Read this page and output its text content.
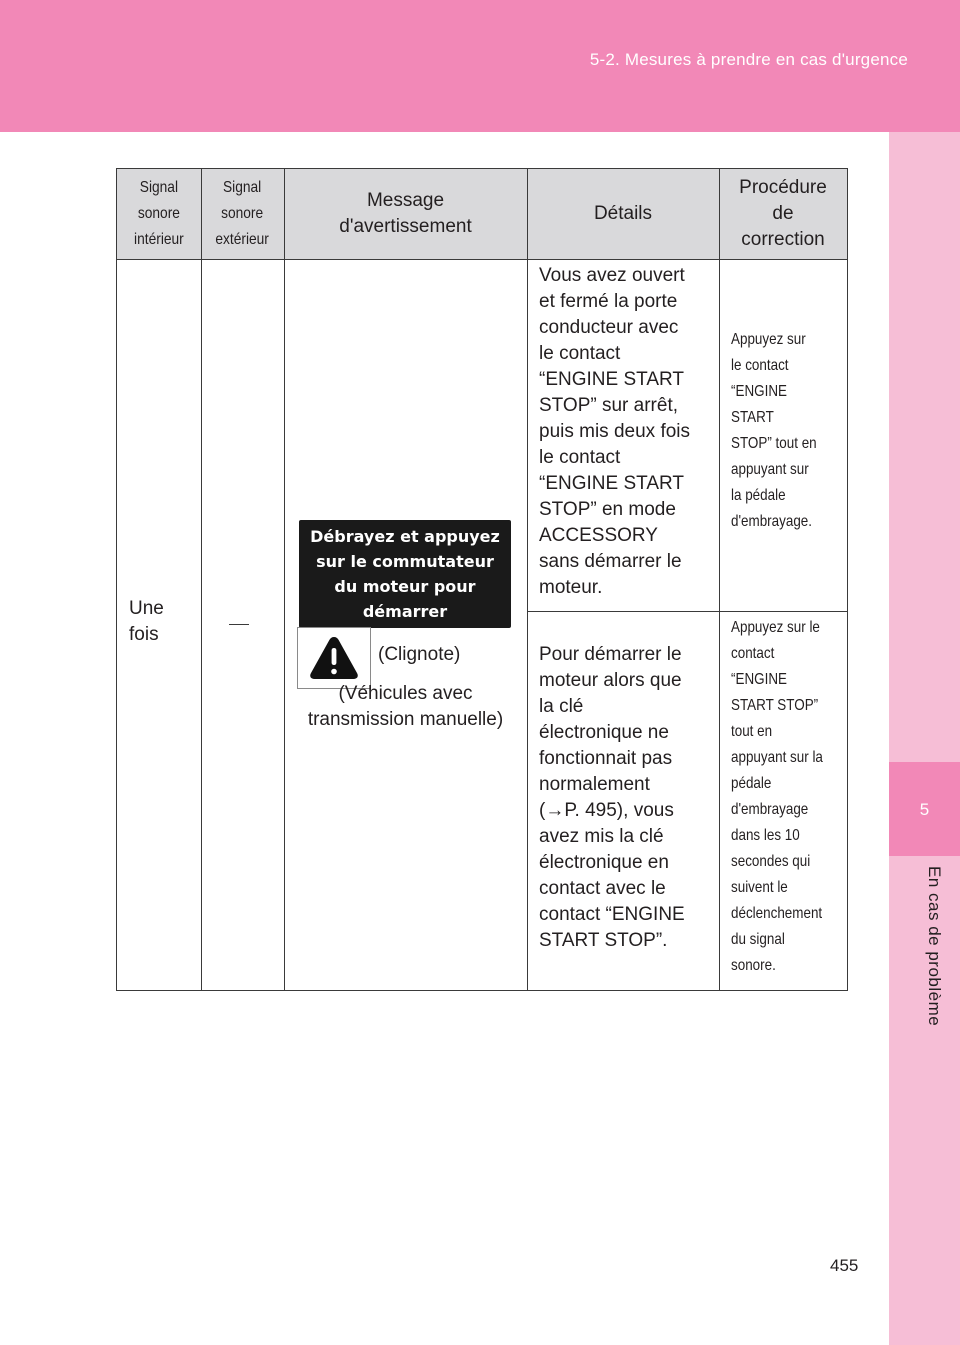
5-2. Mesures à prendre en cas d'urgence
5
En cas de problème
Signal
sonore
intérieur
Signal
sonore
extérieur
Message
d'avertissement
Détails
Procédure
de
correction
Une
fois
Débrayez et appuyez
sur le commutateur
du moteur pour
démarrer
(Clignote)
(Véhicules avec
transmission manuelle)
Vous avez ouvert
et fermé la porte
conducteur avec
le contact
“ENGINE START
STOP” sur arrêt,
puis mis deux fois
le contact
“ENGINE START
STOP” en mode
ACCESSORY
sans démarrer le
moteur.
Appuyez sur
le contact
“ENGINE
START
STOP” tout en
appuyant sur
la pédale
d'embrayage.
Pour démarrer le
moteur alors que
la clé
électronique ne
fonctionnait pas
normalement
(→P. 495), vous
avez mis la clé
électronique en
contact avec le
contact “ENGINE
START STOP”.
Appuyez sur le
contact
“ENGINE
START STOP”
tout en
appuyant sur la
pédale
d'embrayage
dans les 10
secondes qui
suivent le
déclenchement
du signal
sonore.
455
